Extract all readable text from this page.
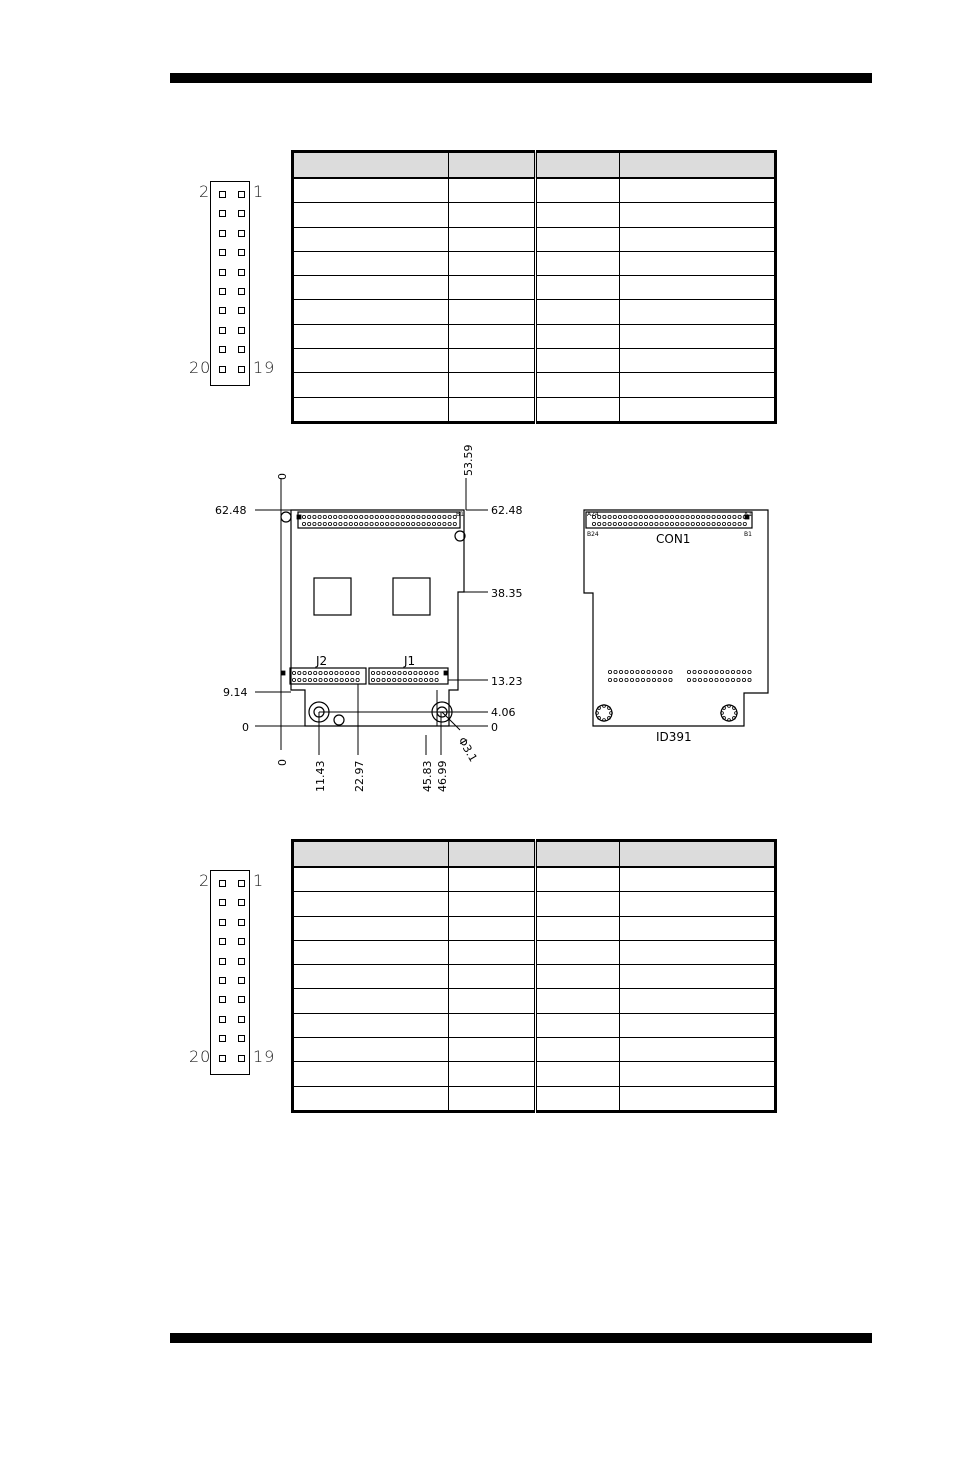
2	1
20	19

0
53.59
62.48	62.48
38.35
13.23
9.14
4.06
0	0
0 11.43 22.97	45.83 46.99
Φ3.1
J2	J1
B1
CON1
A24
B24
A1
B1
ID391
2	1
20	19
